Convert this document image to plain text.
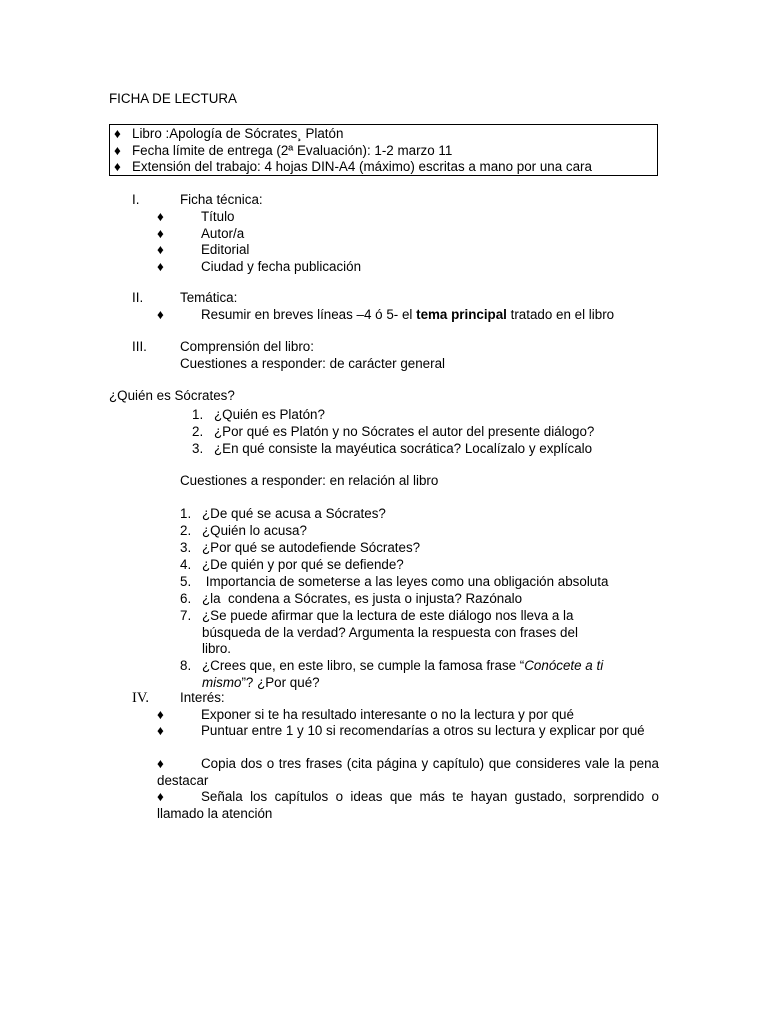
FICHA DE LECTURA
♦ Libro :Apología de Sócrates¸ Platón
♦ Fecha límite de entrega (2ª Evaluación): 1-2 marzo 11
♦ Extensión del trabajo: 4 hojas DIN-A4 (máximo) escritas a mano por una cara
I.	Ficha técnica:
♦	Título
♦	Autor/a
♦	Editorial
♦	Ciudad y fecha publicación
II.	Temática:
♦	Resumir en breves líneas –4 ó 5- el tema principal tratado en el libro
III. Comprensión del libro:
Cuestiones a responder: de carácter general
¿Quién es Sócrates?
1. ¿Quién es Platón?
2. ¿Por qué es Platón y no Sócrates el autor del presente diálogo?
3. ¿En qué consiste la mayéutica socrática? Localízalo y explícalo
Cuestiones a responder: en relación al libro
1. ¿De qué se acusa a Sócrates?
2. ¿Quién lo acusa?
3. ¿Por qué se autodefiende Sócrates?
4. ¿De quién y por qué se defiende?
5. Importancia de someterse a las leyes como una obligación absoluta
6. ¿la  condena a Sócrates, es justa o injusta? Razónalo
7. ¿Se puede afirmar que la lectura de este diálogo nos lleva a la búsqueda de la verdad? Argumenta la respuesta con frases del libro.
8. ¿Crees que, en este libro, se cumple la famosa frase “Conócete a ti mismo”? ¿Por qué?
IV. Interés:
♦	Exponer si te ha resultado interesante o no la lectura y por qué
♦	Puntuar entre 1 y 10 si recomendarías a otros su lectura y explicar por qué
♦	Copia dos o tres frases (cita página y capítulo) que consideres vale la pena destacar
♦	Señala los capítulos o ideas que más te hayan gustado, sorprendido o llamado la atención
